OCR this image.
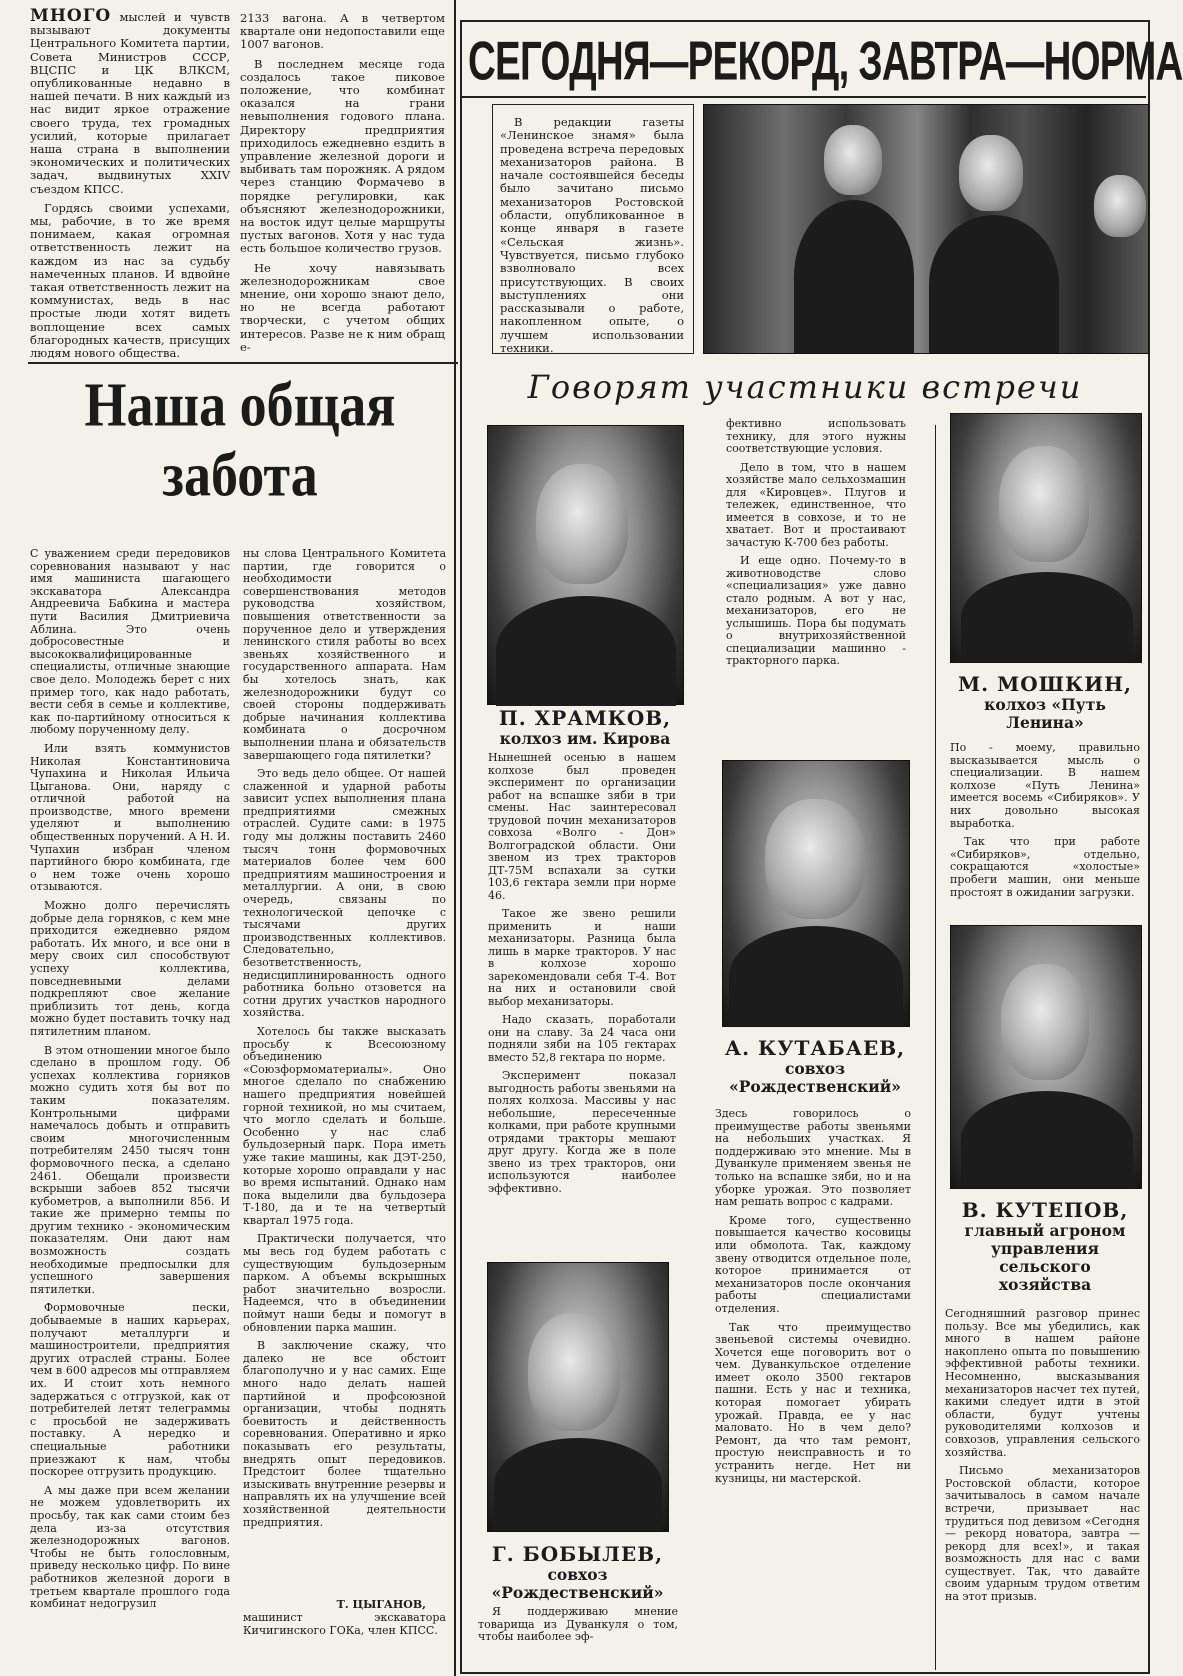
МНОГО мыслей и чувств вызывают документы Центрального Комитета партии, Совета Министров СССР, ВЦСПС и ЦК ВЛКСМ, опубликованные недавно в нашей печати. В них каждый из нас видит яркое отражение своего труда, тех громадных усилий, которые прилагает наша страна в выполнении экономических и политических задач, выдвинутых XXIV съездом КПСС.

Гордясь своими успехами, мы, рабочие, в то же время понимаем, какая огромная ответственность лежит на каждом из нас за судьбу намеченных планов. И вдвойне такая ответственность лежит на коммунистах, ведь в нас простые люди хотят видеть воплощение всех самых благородных качеств, присущих людям нового общества.

2133 вагона. А в четвертом квартале они недопоставили еще 1007 вагонов.

В последнем месяце года создалось такое пиковое положение, что комбинат оказался на грани невыполнения годового плана. Директору предприятия приходилось ежедневно ездить в управление железной дороги и выбивать там порожняк. А рядом через станцию Формачево в порядке регулировки, как объясняют железнодорожники, на восток идут целые маршруты пустых вагонов. Хотя у нас туда есть большое количество грузов.

Не хочу навязывать железнодорожникам свое мнение, они хорошо знают дело, но не всегда работают творчески, с учетом общих интересов. Разве не к ним обращ е-

Наша общая
забота

С уважением среди передовиков соревнования называют у нас имя машиниста шагающего экскаватора Александра Андреевича Бабкина и мастера пути Василия Дмитриевича Аблина. Это очень добросовестные и высококвалифицированные специалисты, отличные знающие свое дело. Молодежь берет с них пример того, как надо работать, вести себя в семье и коллективе, как по-партийному относиться к любому порученному делу.

Или взять коммунистов Николая Константиновича Чупахина и Николая Ильича Цыганова. Они, наряду с отличной работой на производстве, много времени уделяют и выполнению общественных поручений. А Н. И. Чупахин избран членом партийного бюро комбината, где о нем тоже очень хорошо отзываются.

Можно долго перечислять добрые дела горняков, с кем мне приходится ежедневно рядом работать. Их много, и все они в меру своих сил способствуют успеху коллектива, повседневными делами подкрепляют свое желание приблизить тот день, когда можно будет поставить точку над пятилетним планом.

В этом отношении многое было сделано в прошлом году. Об успехах коллектива горняков можно судить хотя бы вот по таким показателям. Контрольными цифрами намечалось добыть и отправить своим многочисленным потребителям 2450 тысяч тонн формовочного песка, а сделано 2461. Обещали произвести вскрыши забоев 852 тысячи кубометров, а выполнили 856. И такие же примерно темпы по другим технико - экономическим показателям. Они дают нам возможность создать необходимые предпосылки для успешного завершения пятилетки.

Формовочные пески, добываемые в наших карьерах, получают металлурги и машиностроители, предприятия других отраслей страны. Более чем в 600 адресов мы отправляем их. И стоит хоть немного задержаться с отгрузкой, как от потребителей летят телеграммы с просьбой не задерживать поставку. А нередко и специальные работники приезжают к нам, чтобы поскорее отгрузить продукцию.

А мы даже при всем желании не можем удовлетворить их просьбу, так как сами стоим без дела из-за отсутствия железнодорожных вагонов. Чтобы не быть голословным, приведу несколько цифр. По вине работников железной дороги в третьем квартале прошлого года комбинат недогрузил

ны слова Центрального Комитета партии, где говорится о необходимости совершенствования методов руководства хозяйством, повышения ответственности за порученное дело и утверждения ленинского стиля работы во всех звеньях хозяйственного и государственного аппарата. Нам бы хотелось знать, как железнодорожники будут со своей стороны поддерживать добрые начинания коллектива комбината о досрочном выполнении плана и обязательств завершающего года пятилетки?

Это ведь дело общее. От нашей слаженной и ударной работы зависит успех выполнения плана предприятиями смежных отраслей. Судите сами: в 1975 году мы должны поставить 2460 тысяч тонн формовочных материалов более чем 600 предприятиям машиностроения и металлургии. А они, в свою очередь, связаны по технологической цепочке с тысячами других производственных коллективов. Следовательно, безответственность, недисциплинированность одного работника больно отзовется на сотни других участков народного хозяйства.

Хотелось бы также высказать просьбу к Всесоюзному объединению «Союзформоматериалы». Оно многое сделало по снабжению нашего предприятия новейшей горной техникой, но мы считаем, что могло сделать и больше. Особенно у нас слаб бульдозерный парк. Пора иметь уже такие машины, как ДЭТ-250, которые хорошо оправдали у нас во время испытаний. Однако нам пока выделили два бульдозера Т-180, да и те на четвертый квартал 1975 года.

Практически получается, что мы весь год будем работать с существующим бульдозерным парком. А объемы вскрышных работ значительно возросли. Надеемся, что в объединении поймут наши беды и помогут в обновлении парка машин.

В заключение скажу, что далеко не все обстоит благополучно и у нас самих. Еще много надо делать нашей партийной и профсоюзной организации, чтобы поднять боевитость и действенность соревнования. Оперативно и ярко показывать его результаты, внедрять опыт передовиков. Предстоит более тщательно изыскивать внутренние резервы и направлять их на улучшение всей хозяйственной деятельности предприятия.

Т. ЦЫГАНОВ,
машинист экскаватора Кичигинского ГОКа, член КПСС.
СЕГОДНЯ—РЕКОРД, ЗАВТРА—НОРМА

В редакции газеты «Ленинское знамя» была проведена встреча передовых механизаторов района. В начале состоявшейся беседы было зачитано письмо механизаторов Ростовской области, опубликованное в конце января в газете «Сельская жизнь». Чувствуется, письмо глубоко взволновало всех присутствующих. В своих выступлениях они рассказывали о работе, накопленном опыте, о лучшем использовании техники.

Говорят участники встречи
П. ХРАМКОВ,
колхоз им. Кирова
А. КУТАБАЕВ,
совхоз «Рождественский»
Г. БОБЫЛЕВ,
совхоз «Рождественский»
М. МОШКИН,
колхоз «Путь Ленина»
В. КУТЕПОВ,
главный агроном управления сельского хозяйства

Нынешней осенью в нашем колхозе был проведен эксперимент по организации работ на вспашке зяби в три смены. Нас заинтересовал трудовой почин механизаторов совхоза «Волго - Дон» Волгоградской области. Они звеном из трех тракторов ДТ-75М вспахали за сутки 103,6 гектара земли при норме 46.

Такое же звено решили применить и наши механизаторы. Разница была лишь в марке тракторов. У нас в колхозе хорошо зарекомендовали себя Т-4. Вот на них и остановили свой выбор механизаторы.

Надо сказать, поработали они на славу. За 24 часа они подняли зяби на 105 гектарах вместо 52,8 гектара по норме.

Эксперимент показал выгодность работы звеньями на полях колхоза. Массивы у нас небольшие, пересеченные колками, при работе крупными отрядами тракторы мешают друг другу. Когда же в поле звено из трех тракторов, они используются наиболее эффективно.

Я поддерживаю мнение товарища из Дуванкуля о том, чтобы наиболее эф-

фективно использовать технику, для этого нужны соответствующие условия.

Дело в том, что в нашем хозяйстве мало сельхозмашин для «Кировцев». Плугов и тележек, единственное, что имеется в совхозе, и то не хватает. Вот и простаивают зачастую К-700 без работы.

И еще одно. Почему-то в животноводстве слово «специализация» уже давно стало родным. А вот у нас, механизаторов, его не услышишь. Пора бы подумать о внутрихозяйственной специализации машинно - тракторного парка.

Здесь говорилось о преимуществе работы звеньями на небольших участках. Я поддерживаю это мнение. Мы в Дуванкуле применяем звенья не только на вспашке зяби, но и на уборке урожая. Это позволяет нам решать вопрос с кадрами.

Кроме того, существенно повышается качество косовицы или обмолота. Так, каждому звену отводится отдельное поле, которое принимается от механизаторов после окончания работы специалистами отделения.

Так что преимущество звеньевой системы очевидно. Хочется еще поговорить вот о чем. Дуванкульское отделение имеет около 3500 гектаров пашни. Есть у нас и техника, которая помогает убирать урожай. Правда, ее у нас маловато. Но в чем дело? Ремонт, да что там ремонт, простую неисправность и то устранить негде. Нет ни кузницы, ни мастерской.

По - моему, правильно высказывается мысль о специализации. В нашем колхозе «Путь Ленина» имеется восемь «Сибиряков». У них довольно высокая выработка.

Так что при работе «Сибиряков», отдельно, сокращаются «холостые» пробеги машин, они меньше простоят в ожидании загрузки.

Сегодняшний разговор принес пользу. Все мы убедились, как много в нашем районе накоплено опыта по повышению эффективной работы техники. Несомненно, высказывания механизаторов насчет тех путей, какими следует идти в этой области, будут учтены руководителями колхозов и совхозов, управления сельского хозяйства.

Письмо механизаторов Ростовской области, которое зачитывалось в самом начале встречи, призывает нас трудиться под девизом «Сегодня — рекорд новатора, завтра — рекорд для всех!», и такая возможность для нас с вами существует. Так, что давайте своим ударным трудом ответим на этот призыв.
